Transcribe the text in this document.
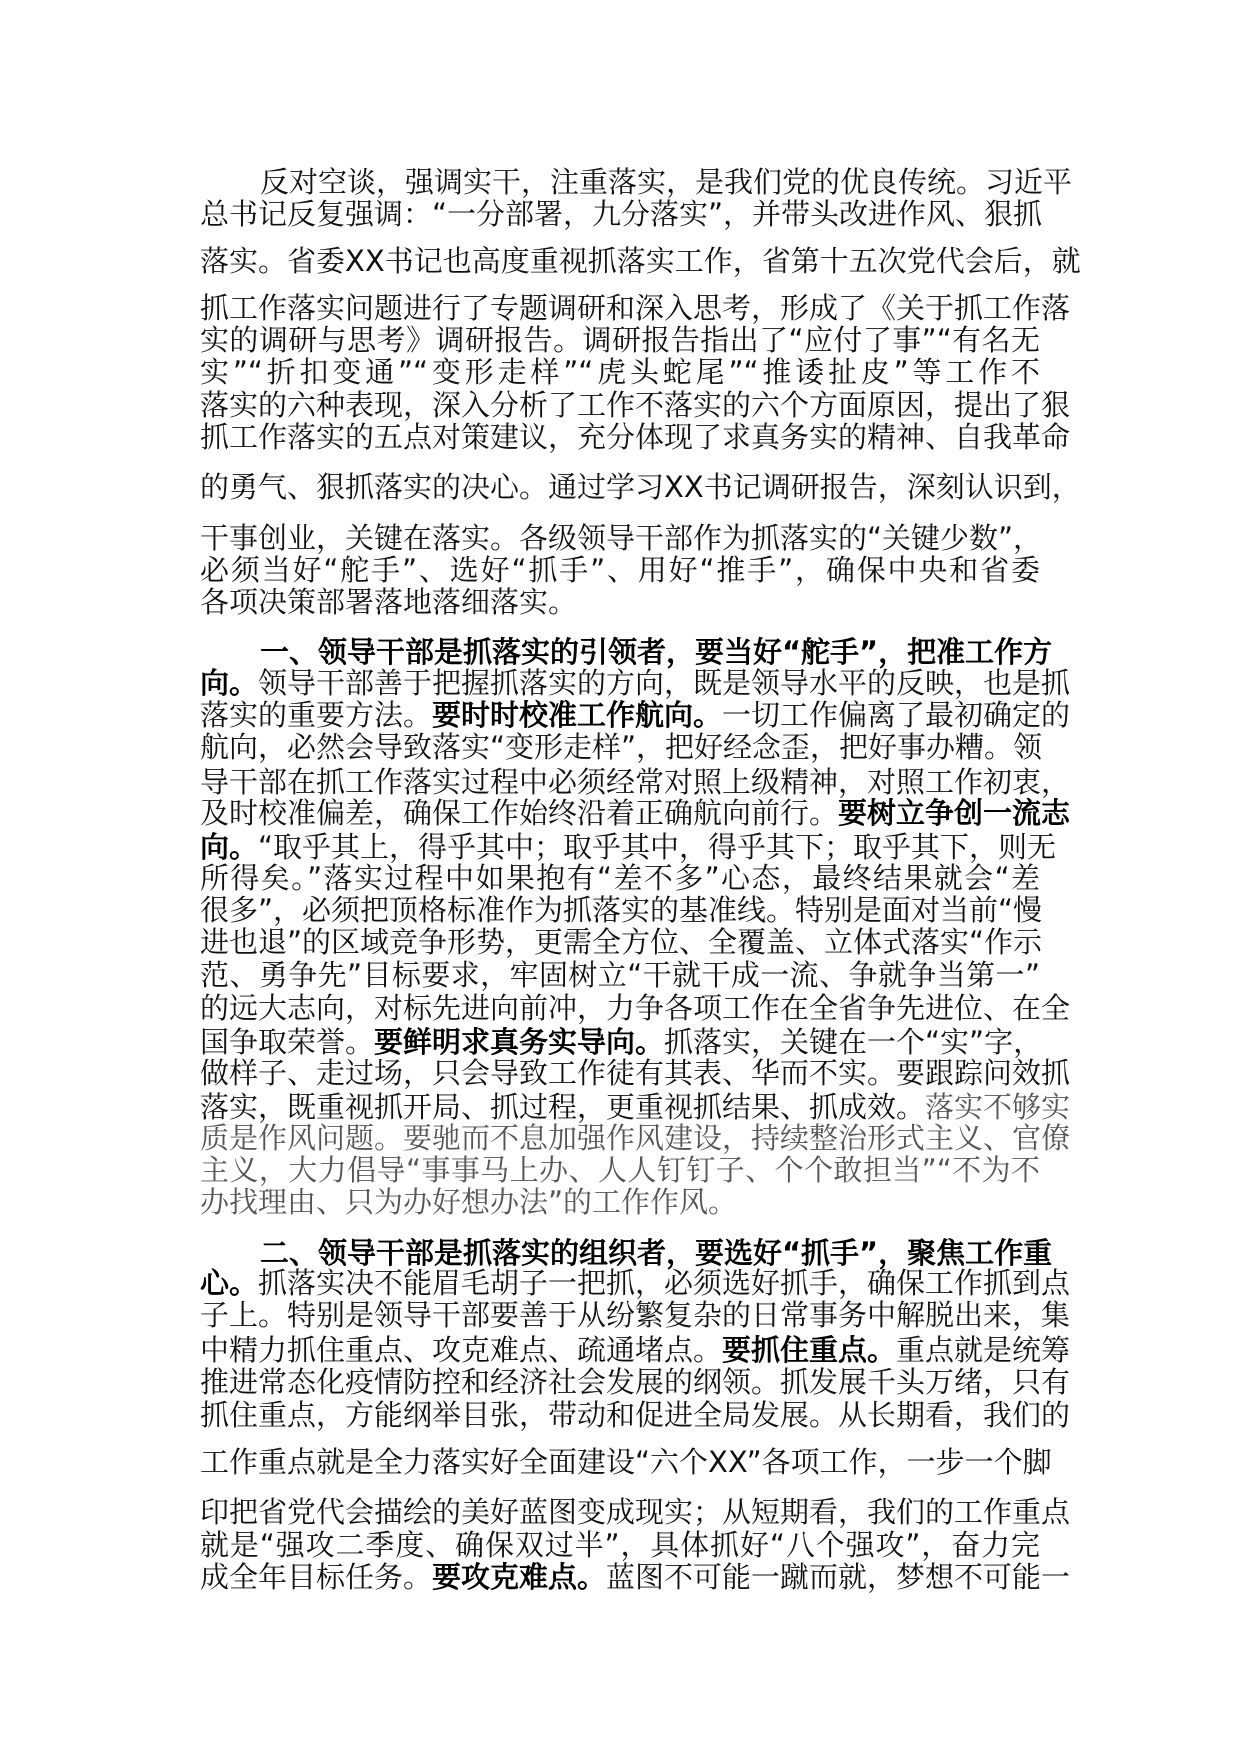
反对空谈，强调实干，注重落实，是我们党的优良传统。习近平
总书记反复强调：“一分部署，九分落实”，并带头改进作风、狠抓
落实。省委XX书记也高度重视抓落实工作，省第十五次党代会后，就
抓工作落实问题进行了专题调研和深入思考，形成了《关于抓工作落
实的调研与思考》调研报告。调研报告指出了“应付了事”“有名无
实”“折扣变通”“变形走样”“虎头蛇尾”“推诿扯皮”等工作不
落实的六种表现，深入分析了工作不落实的六个方面原因，提出了狠
抓工作落实的五点对策建议，充分体现了求真务实的精神、自我革命
的勇气、狠抓落实的决心。通过学习XX书记调研报告，深刻认识到，
干事创业，关键在落实。各级领导干部作为抓落实的“关键少数”，
必须当好“舵手”、选好“抓手”、用好“推手”，确保中央和省委
各项决策部署落地落细落实。
一、领导干部是抓落实的引领者，要当好“舵手”，把准工作方
向。领导干部善于把握抓落实的方向，既是领导水平的反映，也是抓
落实的重要方法。要时时校准工作航向。一切工作偏离了最初确定的
航向，必然会导致落实“变形走样”，把好经念歪，把好事办糟。领
导干部在抓工作落实过程中必须经常对照上级精神，对照工作初衷，
及时校准偏差，确保工作始终沿着正确航向前行。要树立争创一流志
向。“取乎其上，得乎其中；取乎其中，得乎其下；取乎其下，则无
所得矣。”落实过程中如果抱有“差不多”心态，最终结果就会“差
很多”，必须把顶格标准作为抓落实的基准线。特别是面对当前“慢
进也退”的区域竞争形势，更需全方位、全覆盖、立体式落实“作示
范、勇争先”目标要求，牢固树立“干就干成一流、争就争当第一”
的远大志向，对标先进向前冲，力争各项工作在全省争先进位、在全
国争取荣誉。要鲜明求真务实导向。抓落实，关键在一个“实”字，
做样子、走过场，只会导致工作徒有其表、华而不实。要跟踪问效抓
落实，既重视抓开局、抓过程，更重视抓结果、抓成效。落实不够实
质是作风问题。要驰而不息加强作风建设，持续整治形式主义、官僚
主义，大力倡导“事事马上办、人人钉钉子、个个敢担当”“不为不
办找理由、只为办好想办法”的工作作风。
二、领导干部是抓落实的组织者，要选好“抓手”，聚焦工作重
心。抓落实决不能眉毛胡子一把抓，必须选好抓手，确保工作抓到点
子上。特别是领导干部要善于从纷繁复杂的日常事务中解脱出来，集
中精力抓住重点、攻克难点、疏通堵点。要抓住重点。重点就是统筹
推进常态化疫情防控和经济社会发展的纲领。抓发展千头万绪，只有
抓住重点，方能纲举目张，带动和促进全局发展。从长期看，我们的
工作重点就是全力落实好全面建设“六个XX”各项工作，一步一个脚
印把省党代会描绘的美好蓝图变成现实；从短期看，我们的工作重点
就是“强攻二季度、确保双过半”，具体抓好“八个强攻”，奋力完
成全年目标任务。要攻克难点。蓝图不可能一蹴而就，梦想不可能一
